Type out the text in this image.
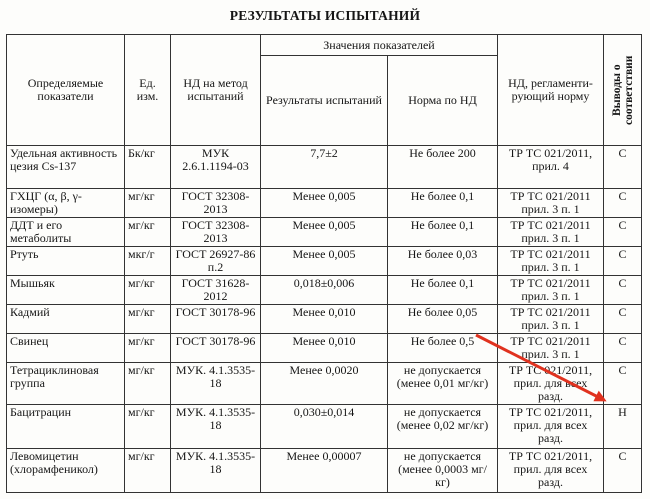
РЕЗУЛЬТАТЫ ИСПЫТАНИЙ
Определяемые показатели	Ед. изм.	НД на метод испытаний	Значения показателей		НД, регламенти-рующий норму	Выводы о соответствии

			Результаты испытаний	Норма по НД		
Удельная активность цезия Cs-137	Бк/кг	МУК 2.6.1.1194-03	7,7±2	Не более 200	ТР ТС 021/2011, прил. 4	С
ГХЦГ (α, β, γ-изомеры)	мг/кг	ГОСТ 32308-2013	Менее 0,005	Не более 0,1	ТР ТС 021/2011 прил. 3 п. 1	С
ДДТ и его метаболиты	мг/кг	ГОСТ 32308-2013	Менее 0,005	Не более 0,1	ТР ТС 021/2011 прил. 3 п. 1	С
Ртуть	мкг/г	ГОСТ 26927-86 п.2	Менее 0,005	Не более 0,03	ТР ТС 021/2011 прил. 3 п. 1	С
Мышьяк	мг/кг	ГОСТ 31628-2012	0,018±0,006	Не более 0,1	ТР ТС 021/2011 прил. 3 п. 1	С
Кадмий	мг/кг	ГОСТ 30178-96	Менее 0,010	Не более 0,05	ТР ТС 021/2011 прил. 3 п. 1	С
Свинец	мг/кг	ГОСТ 30178-96	Менее 0,010	Не более 0,5	ТР ТС 021/2011 прил. 3 п. 1	С
Тетрациклиновая группа	мг/кг	МУК. 4.1.3535-18	Менее 0,0020	не допускается (менее 0,01 мг/кг)	ТР ТС 021/2011, прил. для всех разд.	С
Бацитрацин	мг/кг	МУК. 4.1.3535-18	0,030±0,014	не допускается (менее 0,02 мг/кг)	ТР ТС 021/2011, прил. для всех разд.	Н
Левомицетин (хлорамфеникол)	мг/кг	МУК. 4.1.3535-18	Менее 0,00007	не допускается (менее 0,0003 мг/кг)	ТР ТС 021/2011, прил. для всех разд.	С
